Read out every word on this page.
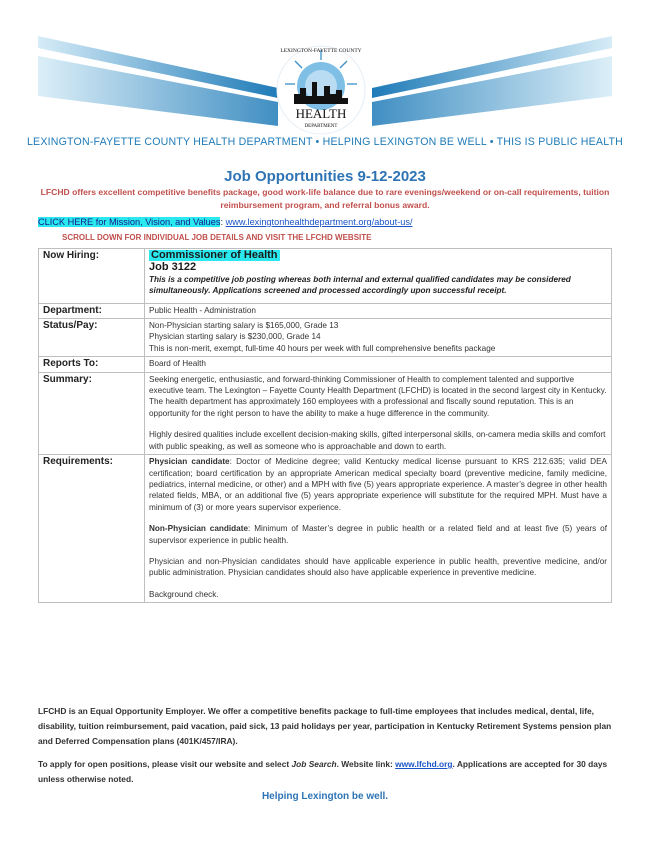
HEALTH
DEPARTMENT
LEXINGTON-FAYETTE COUNTY
LEXINGTON-FAYETTE COUNTY HEALTH DEPARTMENT • HELPING LEXINGTON BE WELL • THIS IS PUBLIC HEALTH
Job Opportunities 9-12-2023
LFCHD offers excellent competitive benefits package, good work-life balance due to rare evenings/weekend or on-call requirements, tuition reimbursement program, and referral bonus award.
CLICK HERE for Mission, Vision, and Values: www.lexingtonhealthdepartment.org/about-us/
SCROLL DOWN FOR INDIVIDUAL JOB DETAILS AND VISIT THE LFCHD WEBSITE
Now Hiring:	Commissioner of Health
Job 3122
This is a competitive job posting whereas both internal and external qualified candidates may be considered simultaneously. Applications screened and processed accordingly upon successful receipt.

Department:	Public Health - Administration
Status/Pay:	Non-Physician starting salary is $165,000, Grade 13
Physician starting salary is $230,000, Grade 14
This is non-merit, exempt, full-time 40 hours per week with full comprehensive benefits package

Reports To:	Board of Health
Summary:	Seeking energetic, enthusiastic, and forward-thinking Commissioner of Health to complement talented and supportive executive team. The Lexington – Fayette County Health Department (LFCHD) is located in the second largest city in Kentucky. The health department has approximately 160 employees with a professional and fiscally sound reputation. This is an opportunity for the right person to have the ability to make a huge difference in the community.
Highly desired qualities include excellent decision-making skills, gifted interpersonal skills, on-camera media skills and comfort with public speaking, as well as someone who is approachable and down to earth.

Requirements:	Physician candidate: Doctor of Medicine degree; valid Kentucky medical license pursuant to KRS 212.635; valid DEA certification; board certification by an appropriate American medical specialty board (preventive medicine, family medicine, pediatrics, internal medicine, or other) and a MPH with five (5) years appropriate experience. A master’s degree in other health related fields, MBA, or an additional five (5) years appropriate experience will substitute for the required MPH. Must have a minimum of (3) or more years supervisor experience.
Non-Physician candidate: Minimum of Master’s degree in public health or a related field and at least five (5) years of supervisor experience in public health.
Physician and non-Physician candidates should have applicable experience in public health, preventive medicine, and/or public administration. Physician candidates should also have applicable experience in preventive medicine.
Background check.
LFCHD is an Equal Opportunity Employer. We offer a competitive benefits package to full-time employees that includes medical, dental, life, disability, tuition reimbursement, paid vacation, paid sick, 13 paid holidays per year, participation in Kentucky Retirement Systems pension plan and Deferred Compensation plans (401K/457/IRA).
To apply for open positions, please visit our website and select Job Search. Website link: www.lfchd.org. Applications are accepted for 30 days unless otherwise noted.
Helping Lexington be well.
